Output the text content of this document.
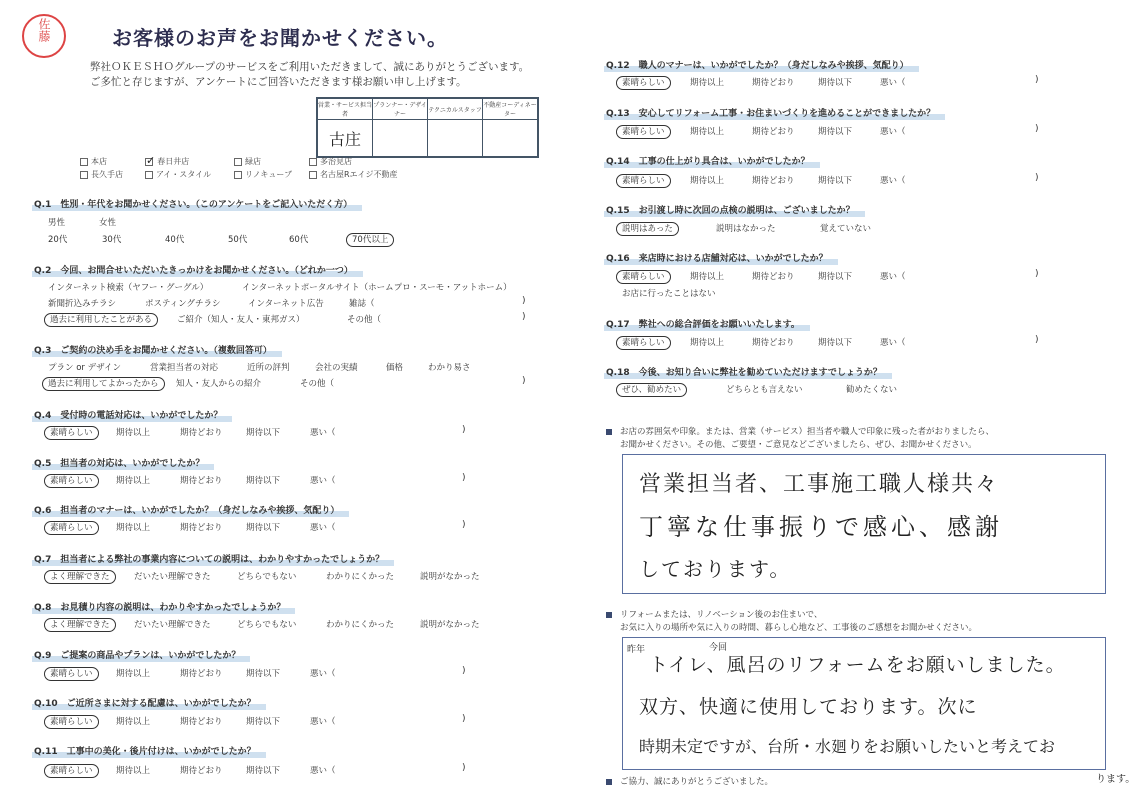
佐藤	お客様のお声をお聞かせください。
弊社ＯＫＥＳＨＯグループのサービスをご利用いただきまして、誠にありがとうございます。
ご多忙と存じますが、アンケートにご回答いただきます様お願い申し上げます。
営業・サービス担当者	プランナー・デザイナー	テクニカルスタッフ	不動産コーディネーター
古庄			
本店	✓ 春日井店	緑店	多治見店
長久手店	アイ・スタイル	リノキューブ	名古屋Rエイジ不動産
Q.1　性別・年代をお聞かせください。（このアンケートをご記入いただく方）
男性	女性
20代	30代	40代	50代	60代	70代以上
Q.2　今回、お問合せいただいたきっかけをお聞かせください。（どれか一つ）
インターネット検索（ヤフー・グーグル）	インターネットポータルサイト（ホームプロ・スーモ・アットホーム）
新聞折込みチラシ	ポスティングチラシ	インターネット広告	雑誌（	)
過去に利用したことがある	ご紹介（知人・友人・東邦ガス）	その他（	)
Q.3　ご契約の決め手をお聞かせください。（複数回答可）
プラン or デザイン	営業担当者の対応	近所の評判	会社の実績	価格	わかり易さ
過去に利用してよかったから	知人・友人からの紹介	その他（	)
Q.4　受付時の電話対応は、いかがでしたか？
素晴らしい	期待以上	期待どおり	期待以下	悪い（	)
Q.5　担当者の対応は、いかがでしたか？
素晴らしい	期待以上	期待どおり	期待以下	悪い（	)
Q.6　担当者のマナーは、いかがでしたか？（身だしなみや挨拶、気配り）
素晴らしい	期待以上	期待どおり	期待以下	悪い（	)
Q.7　担当者による弊社の事業内容についての説明は、わかりやすかったでしょうか？
よく理解できた	だいたい理解できた	どちらでもない	わかりにくかった	説明がなかった
Q.8　お見積り内容の説明は、わかりやすかったでしょうか？
よく理解できた	だいたい理解できた	どちらでもない	わかりにくかった	説明がなかった
Q.9　ご提案の商品やプランは、いかがでしたか？
素晴らしい	期待以上	期待どおり	期待以下	悪い（	)
Q.10　ご近所さまに対する配慮は、いかがでしたか？
素晴らしい	期待以上	期待どおり	期待以下	悪い（	)
Q.11　工事中の美化・後片付けは、いかがでしたか？
素晴らしい	期待以上	期待どおり	期待以下	悪い（	)
Q.12　職人のマナーは、いかがでしたか？（身だしなみや挨拶、気配り）
素晴らしい	期待以上	期待どおり	期待以下	悪い（	)
Q.13　安心してリフォーム工事・お住まいづくりを進めることができましたか？
素晴らしい	期待以上	期待どおり	期待以下	悪い（	)
Q.14　工事の仕上がり具合は、いかがでしたか？
素晴らしい	期待以上	期待どおり	期待以下	悪い（	)
Q.15　お引渡し時に次回の点検の説明は、ございましたか？
説明はあった	説明はなかった	覚えていない
Q.16　来店時における店舗対応は、いかがでしたか？
素晴らしい	期待以上	期待どおり	期待以下	悪い（	)
お店に行ったことはない
Q.17　弊社への総合評価をお願いいたします。
素晴らしい	期待以上	期待どおり	期待以下	悪い（	)
Q.18　今後、お知り合いに弊社を勧めていただけますでしょうか？
ぜひ、勧めたい	どちらとも言えない	勧めたくない
お店の雰囲気や印象。または、営業（サービス）担当者や職人で印象に残った者がおりましたら、
お聞かせください。その他、ご要望・ご意見などございましたら、ぜひ、お聞かせください。
営業担当者、工事施工職人様共々
丁寧な仕事振りで感心、感謝
しております。
リフォームまたは、リノベーション後のお住まいで、
お気に入りの場所や気に入りの時間、暮らし心地など、工事後のご感想をお聞かせください。
昨年	今回
トイレ、風呂のリフォームをお願いしました。
双方、快適に使用しております。次に
時期未定ですが、台所・水廻りをお願いしたいと考えてお
ります。
ご協力、誠にありがとうございました。
